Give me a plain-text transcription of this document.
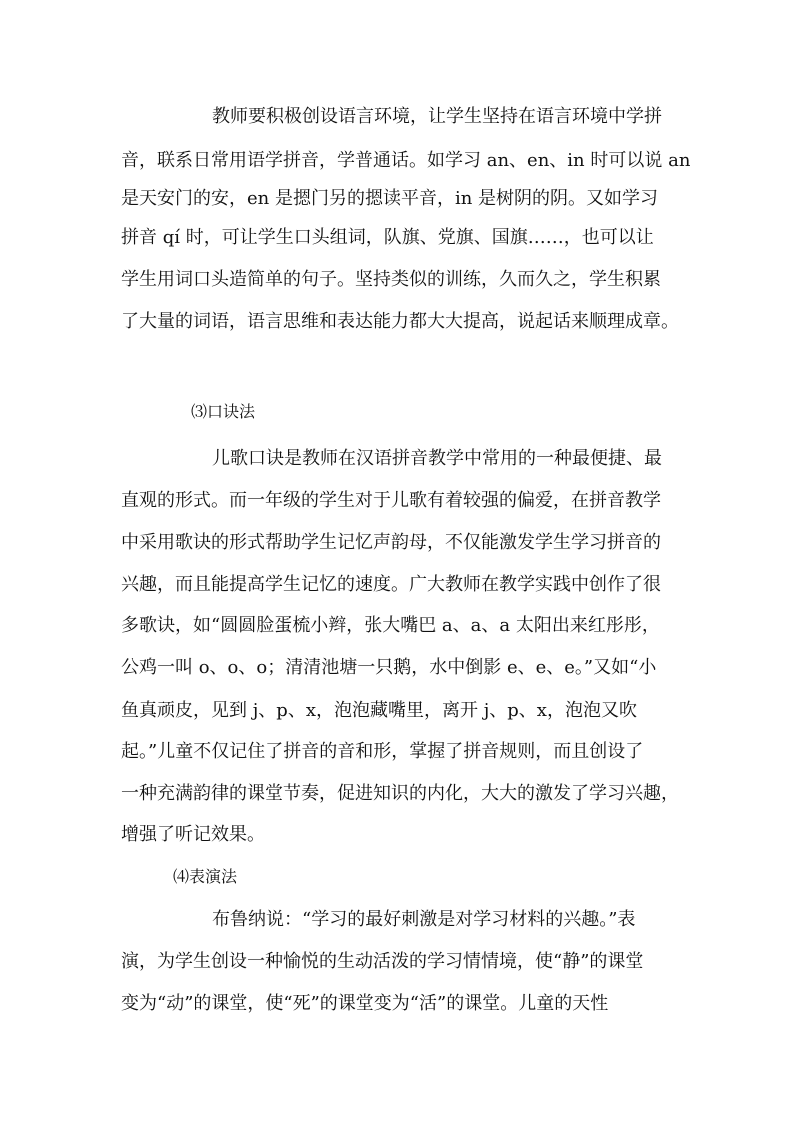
教师要积极创设语言环境，让学生坚持在语言环境中学拼
音，联系日常用语学拼音，学普通话。如学习 an、en、in 时可以说 an
是天安门的安，en 是摁门另的摁读平音，in 是树阴的阴。又如学习
拼音 qí 时，可让学生口头组词，队旗、党旗、国旗……，也可以让
学生用词口头造简单的句子。坚持类似的训练，久而久之，学生积累
了大量的词语，语言思维和表达能力都大大提高，说起话来顺理成章。
⑶口诀法
儿歌口诀是教师在汉语拼音教学中常用的一种最便捷、最
直观的形式。而一年级的学生对于儿歌有着较强的偏爱，在拼音教学
中采用歌诀的形式帮助学生记忆声韵母，不仅能激发学生学习拼音的
兴趣，而且能提高学生记忆的速度。广大教师在教学实践中创作了很
多歌诀，如“圆圆脸蛋梳小辫，张大嘴巴 a、a、a 太阳出来红彤彤，
公鸡一叫 o、o、o；清清池塘一只鹅，水中倒影 e、e、e。”又如“小
鱼真顽皮，见到 j、p、x，泡泡藏嘴里，离开 j、p、x，泡泡又吹
起。”儿童不仅记住了拼音的音和形，掌握了拼音规则，而且创设了
一种充满韵律的课堂节奏，促进知识的内化，大大的激发了学习兴趣，
增强了听记效果。
⑷表演法
布鲁纳说：“学习的最好刺激是对学习材料的兴趣。”表
演，为学生创设一种愉悦的生动活泼的学习情情境，使“静”的课堂
变为“动”的课堂，使“死”的课堂变为“活”的课堂。儿童的天性
